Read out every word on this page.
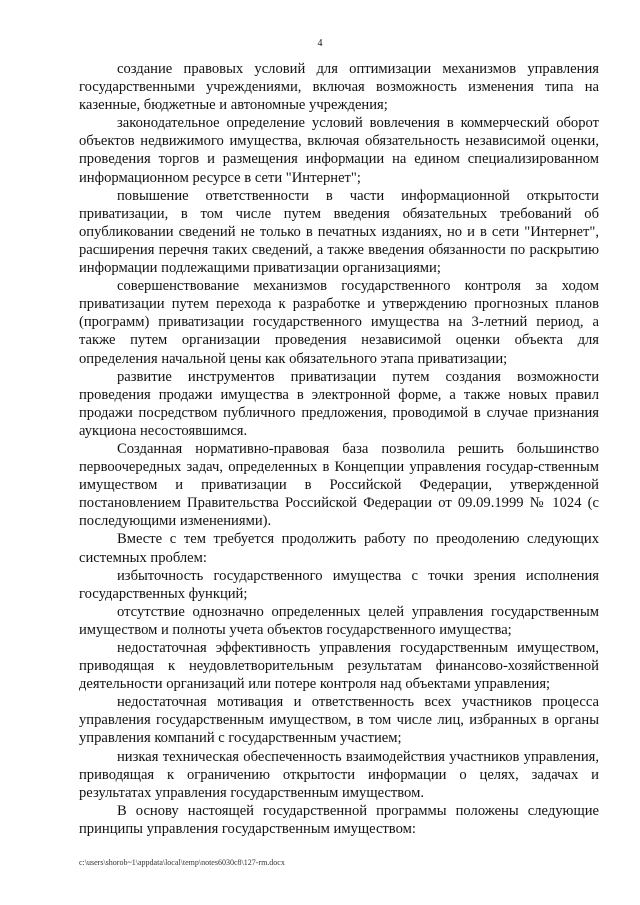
4

создание правовых условий для оптимизации механизмов управления государственными учреждениями, включая возможность изменения типа на казенные, бюджетные и автономные учреждения;

законодательное определение условий вовлечения в коммерческий оборот объектов недвижимого имущества, включая обязательность независимой оценки, проведения торгов и размещения информации на едином специализированном информационном ресурсе в сети "Интернет";

повышение ответственности в части информационной открытости приватизации, в том числе путем введения обязательных требований об опубликовании сведений не только в печатных изданиях, но и в сети "Интернет", расширения перечня таких сведений, а также введения обязанности по раскрытию информации подлежащими приватизации организациями;

совершенствование механизмов государственного контроля за ходом приватизации путем перехода к разработке и утверждению прогнозных планов (программ) приватизации государственного имущества на 3-летний период, а также путем организации проведения независимой оценки объекта для определения начальной цены как обязательного этапа приватизации;

развитие инструментов приватизации путем создания возможности проведения продажи имущества в электронной форме, а также новых правил продажи посредством публичного предложения, проводимой в случае признания аукциона несостоявшимся.

Созданная нормативно-правовая база позволила решить большинство первоочередных задач, определенных в Концепции управления государ-ственным имуществом и приватизации в Российской Федерации, утвержденной постановлением Правительства Российской Федерации от 09.09.1999 № 1024 (с последующими изменениями).

Вместе с тем требуется продолжить работу по преодолению следующих системных проблем:

избыточность государственного имущества с точки зрения исполнения государственных функций;

отсутствие однозначно определенных целей управления государственным имуществом и полноты учета объектов государственного имущества;

недостаточная эффективность управления государственным имуществом, приводящая к неудовлетворительным результатам финансово-хозяйственной деятельности организаций или потере контроля над объектами управления;

недостаточная мотивация и ответственность всех участников процесса управления государственным имуществом, в том числе лиц, избранных в органы управления компаний с государственным участием;

низкая техническая обеспеченность взаимодействия участников управления, приводящая к ограничению открытости информации о целях, задачах и результатах управления государственным имуществом.

В основу настоящей государственной программы положены следующие принципы управления государственным имуществом:

c:\users\shorob~1\appdata\local\temp\notes6030c8\127-rm.docx
